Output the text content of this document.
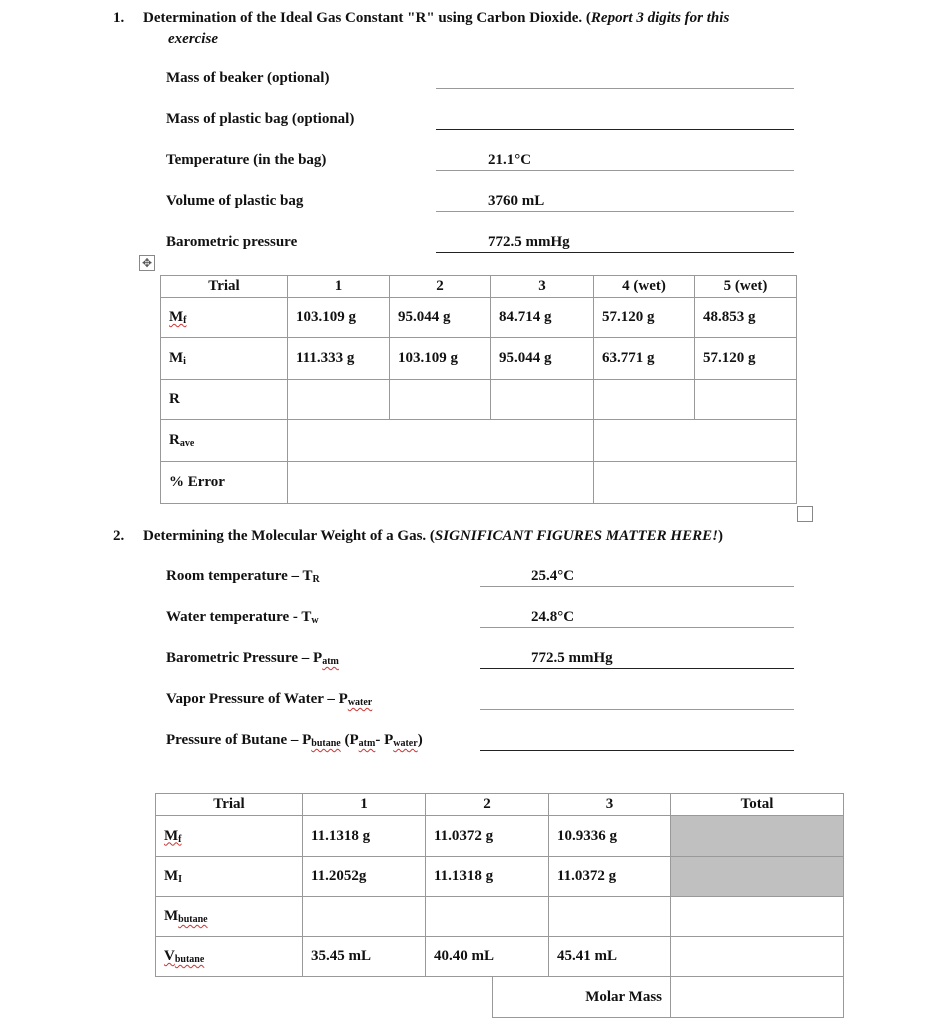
1. Determination of the Ideal Gas Constant "R" using Carbon Dioxide. (Report 3 digits for this
exercise
Mass of beaker (optional)
Mass of plastic bag (optional)
Temperature (in the bag)	21.1°C
Volume of plastic bag	3760 mL
Barometric pressure	772.5 mmHg
✥
Trial	1	2	3	4 (wet)	5 (wet)
$M_f$	103.109 g	95.044 g	84.714 g	57.120 g	48.853 g
$M_i$	111.333 g	103.109 g	95.044 g	63.771 g	57.120 g
R					
$R_{ave}$		
% Error					
2. Determining the Molecular Weight of a Gas. (SIGNIFICANT FIGURES MATTER HERE!)
Room temperature – $T_R$	25.4°C
Water temperature - $T_w$	24.8°C
Barometric Pressure – $P_{atm}$	772.5 mmHg
Vapor Pressure of Water – $P_{water}$
Pressure of Butane – $P_{butane}$ ($P_{atm}-$ $P_{water}$)
Trial	1	2	3	Total
$M_f$	11.1318 g	11.0372 g	10.9336 g	
$M_I$	11.2052g	11.1318 g	11.0372 g	
$M_{butane}$				
$V_{butane}$	35.45 mL	40.40 mL	45.41 mL	
Molar Mass	
